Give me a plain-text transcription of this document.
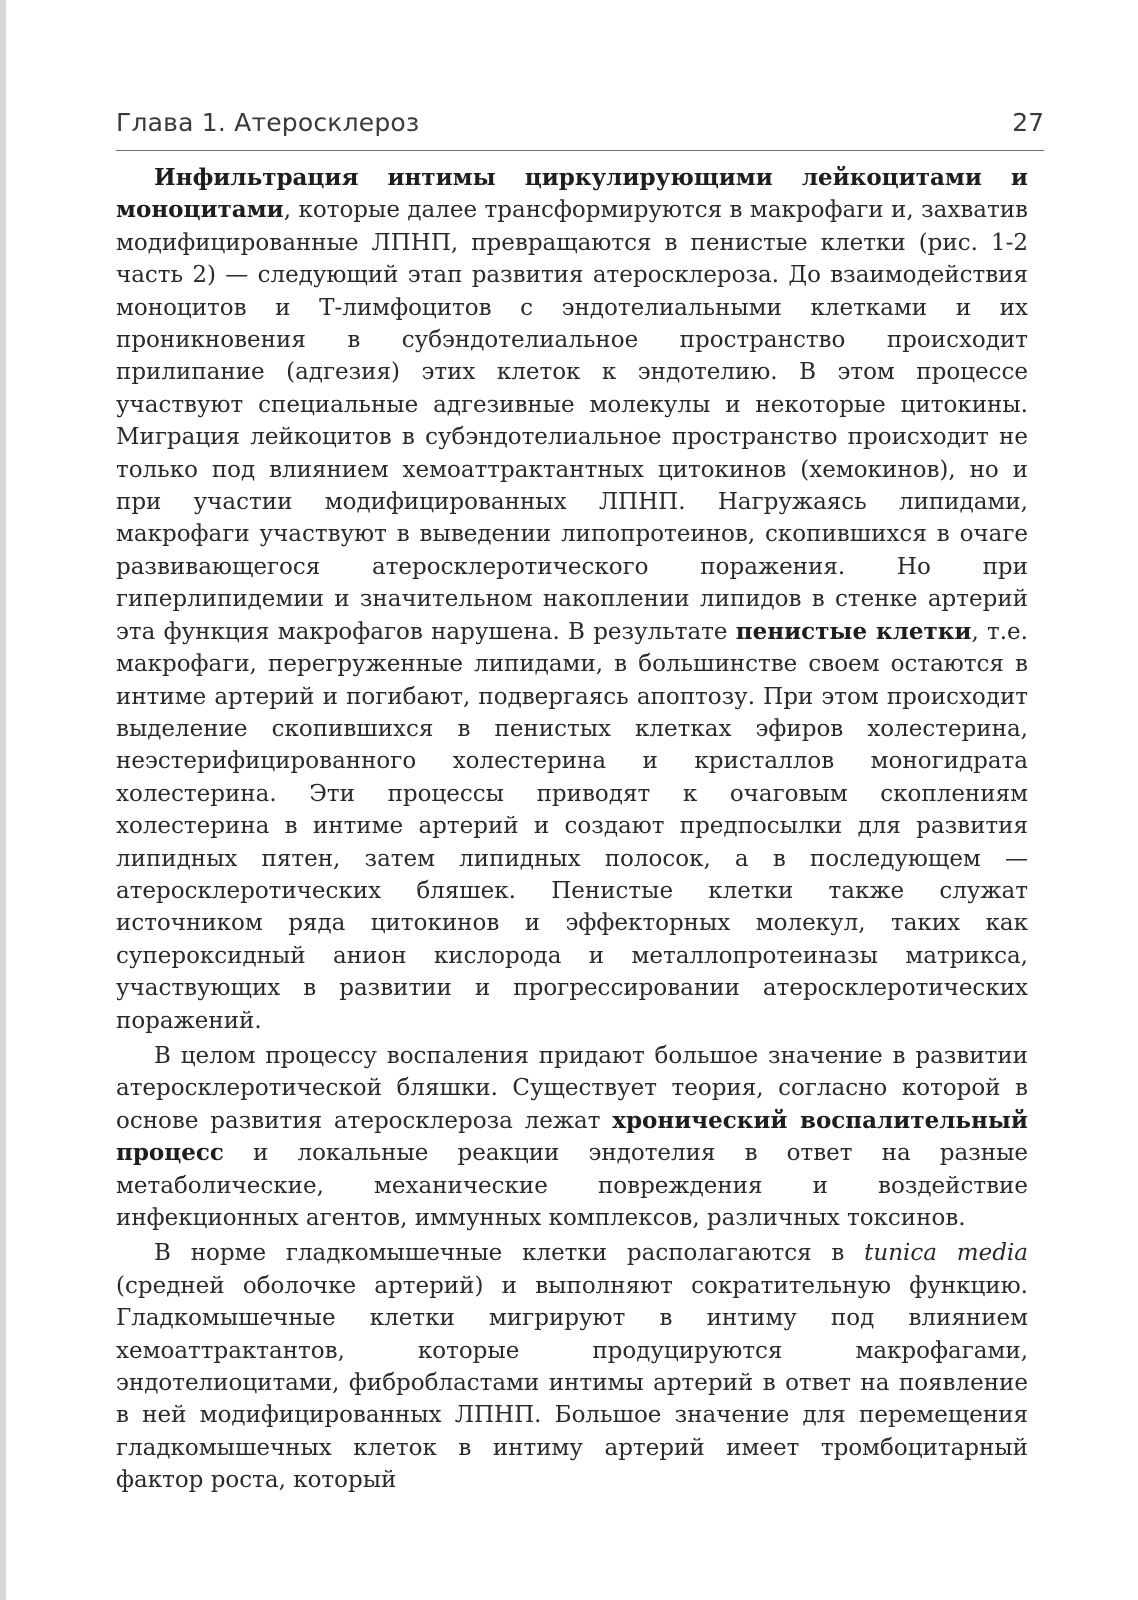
Глава 1. Атеросклероз	27

Инфильтрация интимы циркулирующими лейкоцитами и моноцитами, которые далее трансформируются в макрофаги и, захватив модифицированные ЛПНП, превращаются в пенистые клетки (рис. 1-2 часть 2) — следующий этап развития атеросклероза. До взаимодействия моноцитов и Т-лимфоцитов с эндотелиальными клетками и их проникновения в субэндотелиальное пространство происходит прилипание (адгезия) этих клеток к эндотелию. В этом процессе участвуют специальные адгезивные молекулы и некоторые цитокины. Миграция лейкоцитов в субэндотелиальное пространство происходит не только под влиянием хемоаттрактантных цитокинов (хемокинов), но и при участии модифицированных ЛПНП. Нагружаясь липидами, макрофаги участвуют в выведении липопротеинов, скопившихся в очаге развивающегося атеросклеротического поражения. Но при гиперлипидемии и значительном накоплении липидов в стенке артерий эта функция макрофагов нарушена. В результате пенистые клетки, т.е. макрофаги, перегруженные липидами, в большинстве своем остаются в интиме артерий и погибают, подвергаясь апоптозу. При этом происходит выделение скопившихся в пенистых клетках эфиров холестерина, неэстерифицированного холестерина и кристаллов моногидрата холестерина. Эти процессы приводят к очаговым скоплениям холестерина в интиме артерий и создают предпосылки для развития липидных пятен, затем липидных полосок, а в последующем — атеросклеротических бляшек. Пенистые клетки также служат источником ряда цитокинов и эффекторных молекул, таких как супероксидный анион кислорода и металлопротеиназы матрикса, участвующих в развитии и прогрессировании атеросклеротических поражений.

В целом процессу воспаления придают большое значение в развитии атеросклеротической бляшки. Существует теория, согласно которой в основе развития атеросклероза лежат хронический воспалительный процесс и локальные реакции эндотелия в ответ на разные метаболические, механические повреждения и воздействие инфекционных агентов, иммунных комплексов, различных токсинов.

В норме гладкомышечные клетки располагаются в tunica media (средней оболочке артерий) и выполняют сократительную функцию. Гладкомышечные клетки мигрируют в интиму под влиянием хемоаттрактантов, которые продуцируются макрофагами, эндотелиоцитами, фибробластами интимы артерий в ответ на появление в ней модифицированных ЛПНП. Большое значение для перемещения гладкомышечных клеток в интиму артерий имеет тромбоцитарный фактор роста, который
